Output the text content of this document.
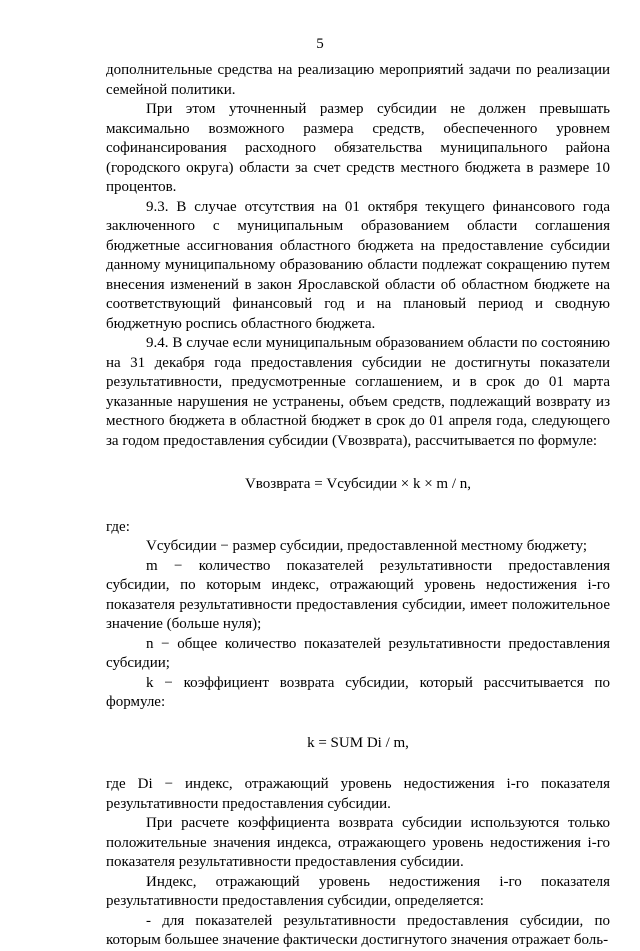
5

дополнительные средства на реализацию мероприятий задачи по реализации семейной политики.

При этом уточненный размер субсидии не должен превышать максимально возможного размера средств, обеспеченного уровнем софинансирования расходного обязательства муниципального района (городского округа) области за счет средств местного бюджета в размере 10 процентов.

9.3. В случае отсутствия на 01 октября текущего финансового года заключенного с муниципальным образованием области соглашения бюджетные ассигнования областного бюджета на предоставление субсидии данному муниципальному образованию области подлежат сокращению путем внесения изменений в закон Ярославской области об областном бюджете на соответствующий финансовый год и на плановый период и сводную бюджетную роспись областного бюджета.

9.4. В случае если муниципальным образованием области по состоянию на 31 декабря года предоставления субсидии не достигнуты показатели результативности, предусмотренные соглашением, и в срок до 01 марта указанные нарушения не устранены, объем средств, подлежащий возврату из местного бюджета в областной бюджет в срок до 01 апреля года, следующего за годом предоставления субсидии (Vвозврата), рассчитывается по формуле:

Vвозврата = Vсубсидии × k × m / n,

где:

Vсубсидии − размер субсидии, предоставленной местному бюджету;

m − количество показателей результативности предоставления субсидии, по которым индекс, отражающий уровень недостижения i-го показателя результативности предоставления субсидии, имеет положительное значение (больше нуля);

n − общее количество показателей результативности предоставления субсидии;

k − коэффициент возврата субсидии, который рассчитывается по формуле:

k = SUM Di / m,

где Di − индекс, отражающий уровень недостижения i-го показателя результативности предоставления субсидии.

При расчете коэффициента возврата субсидии используются только положительные значения индекса, отражающего уровень недостижения i-го показателя результативности предоставления субсидии.

Индекс, отражающий уровень недостижения i-го показателя результативности предоставления субсидии, определяется:

- для показателей результативности предоставления субсидии, по которым большее значение фактически достигнутого значения отражает боль-
